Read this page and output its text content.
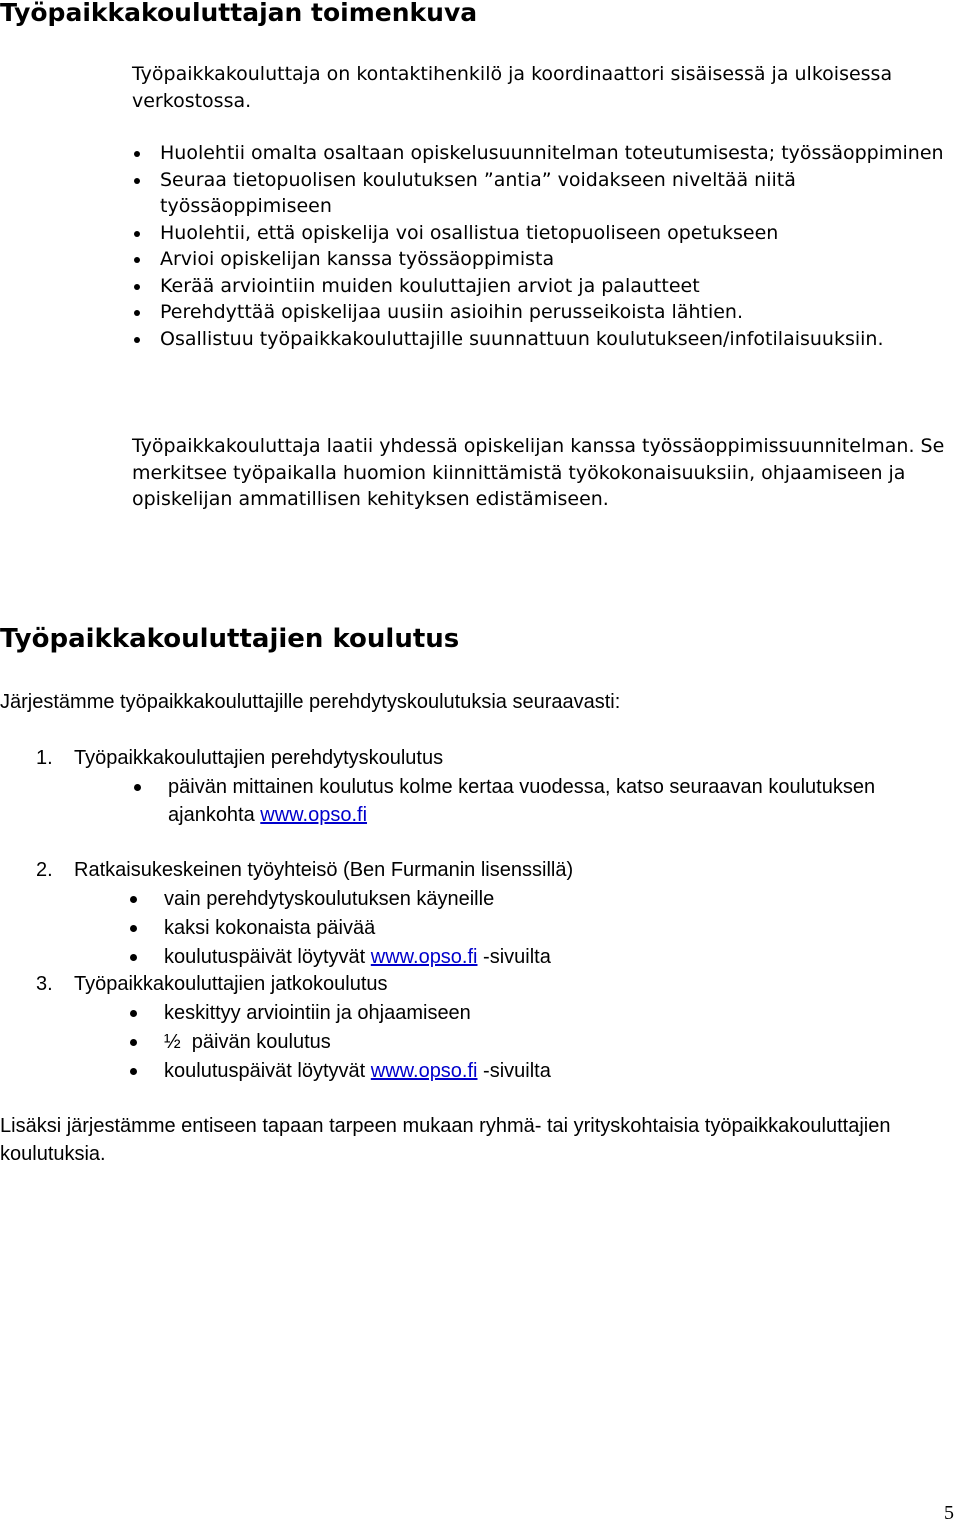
Työpaikkakouluttajan toimenkuva

Työpaikkakouluttaja on kontaktihenkilö ja koordinaattori sisäisessä ja ulkoisessa verkostossa.

Huolehtii omalta osaltaan opiskelusuunnitelman toteutumisesta; työssäoppiminen
Seuraa tietopuolisen koulutuksen ”antia” voidakseen niveltää niitä työssäoppimiseen
Huolehtii, että opiskelija voi osallistua tietopuoliseen opetukseen
Arvioi opiskelijan kanssa työssäoppimista
Kerää arviointiin muiden kouluttajien arviot ja palautteet
Perehdyttää opiskelijaa uusiin asioihin perusseikoista lähtien.
Osallistuu työpaikkakouluttajille suunnattuun koulutukseen/infotilaisuuksiin.

Työpaikkakouluttaja laatii yhdessä opiskelijan kanssa työssäoppimissuunnitelman. Se merkitsee työpaikalla huomion kiinnittämistä työkokonaisuuksiin, ohjaamiseen ja opiskelijan ammatillisen kehityksen edistämiseen.

Työpaikkakouluttajien koulutus

Järjestämme työpaikkakouluttajille perehdytyskoulutuksia seuraavasti:

1. Työpaikkakouluttajien perehdytyskoulutus
päivän mittainen koulutus kolme kertaa vuodessa, katso seuraavan koulutuksen ajankohta www.opso.fi
2. Ratkaisukeskeinen työyhteisö (Ben Furmanin lisenssillä)
vain perehdytyskoulutuksen käyneille
kaksi kokonaista päivää
koulutuspäivät löytyvät www.opso.fi -sivuilta
3. Työpaikkakouluttajien jatkokoulutus
keskittyy arviointiin ja ohjaamiseen
½  päivän koulutus
koulutuspäivät löytyvät www.opso.fi -sivuilta

Lisäksi järjestämme entiseen tapaan tarpeen mukaan ryhmä- tai yrityskohtaisia työpaikkakouluttajien koulutuksia.

5
